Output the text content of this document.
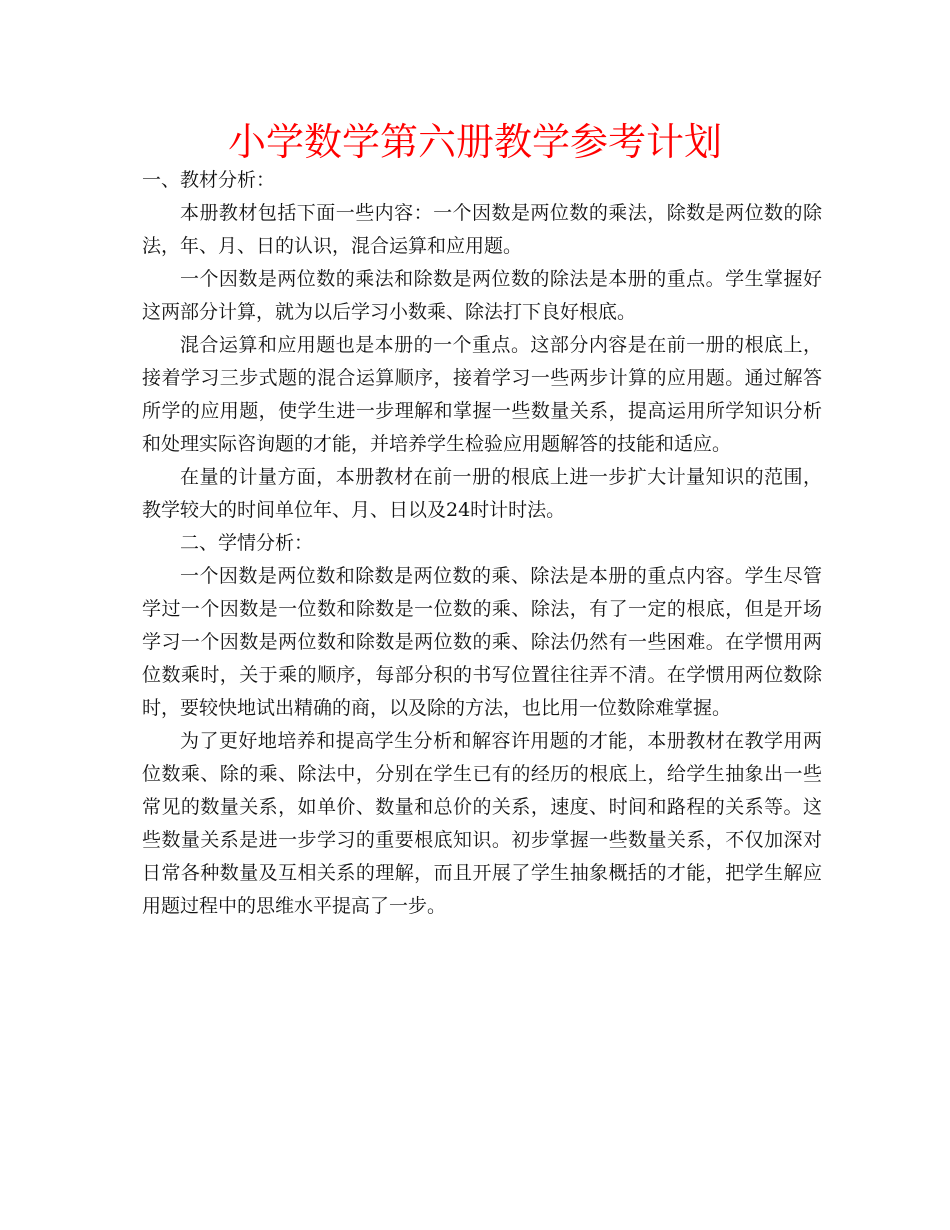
小学数学第六册教学参考计划

一、教材分析：

本册教材包括下面一些内容：一个因数是两位数的乘法，除数是两位数的除法，年、月、日的认识，混合运算和应用题。

一个因数是两位数的乘法和除数是两位数的除法是本册的重点。学生掌握好这两部分计算，就为以后学习小数乘、除法打下良好根底。

混合运算和应用题也是本册的一个重点。这部分内容是在前一册的根底上，接着学习三步式题的混合运算顺序，接着学习一些两步计算的应用题。通过解答所学的应用题，使学生进一步理解和掌握一些数量关系，提高运用所学知识分析和处理实际咨询题的才能，并培养学生检验应用题解答的技能和适应。

在量的计量方面，本册教材在前一册的根底上进一步扩大计量知识的范围，教学较大的时间单位年、月、日以及24时计时法。

二、学情分析：

一个因数是两位数和除数是两位数的乘、除法是本册的重点内容。学生尽管学过一个因数是一位数和除数是一位数的乘、除法，有了一定的根底，但是开场学习一个因数是两位数和除数是两位数的乘、除法仍然有一些困难。在学惯用两位数乘时，关于乘的顺序，每部分积的书写位置往往弄不清。在学惯用两位数除时，要较快地试出精确的商，以及除的方法，也比用一位数除难掌握。

为了更好地培养和提高学生分析和解容许用题的才能，本册教材在教学用两位数乘、除的乘、除法中，分别在学生已有的经历的根底上，给学生抽象出一些常见的数量关系，如单价、数量和总价的关系，速度、时间和路程的关系等。这些数量关系是进一步学习的重要根底知识。初步掌握一些数量关系，不仅加深对日常各种数量及互相关系的理解，而且开展了学生抽象概括的才能，把学生解应用题过程中的思维水平提高了一步。
